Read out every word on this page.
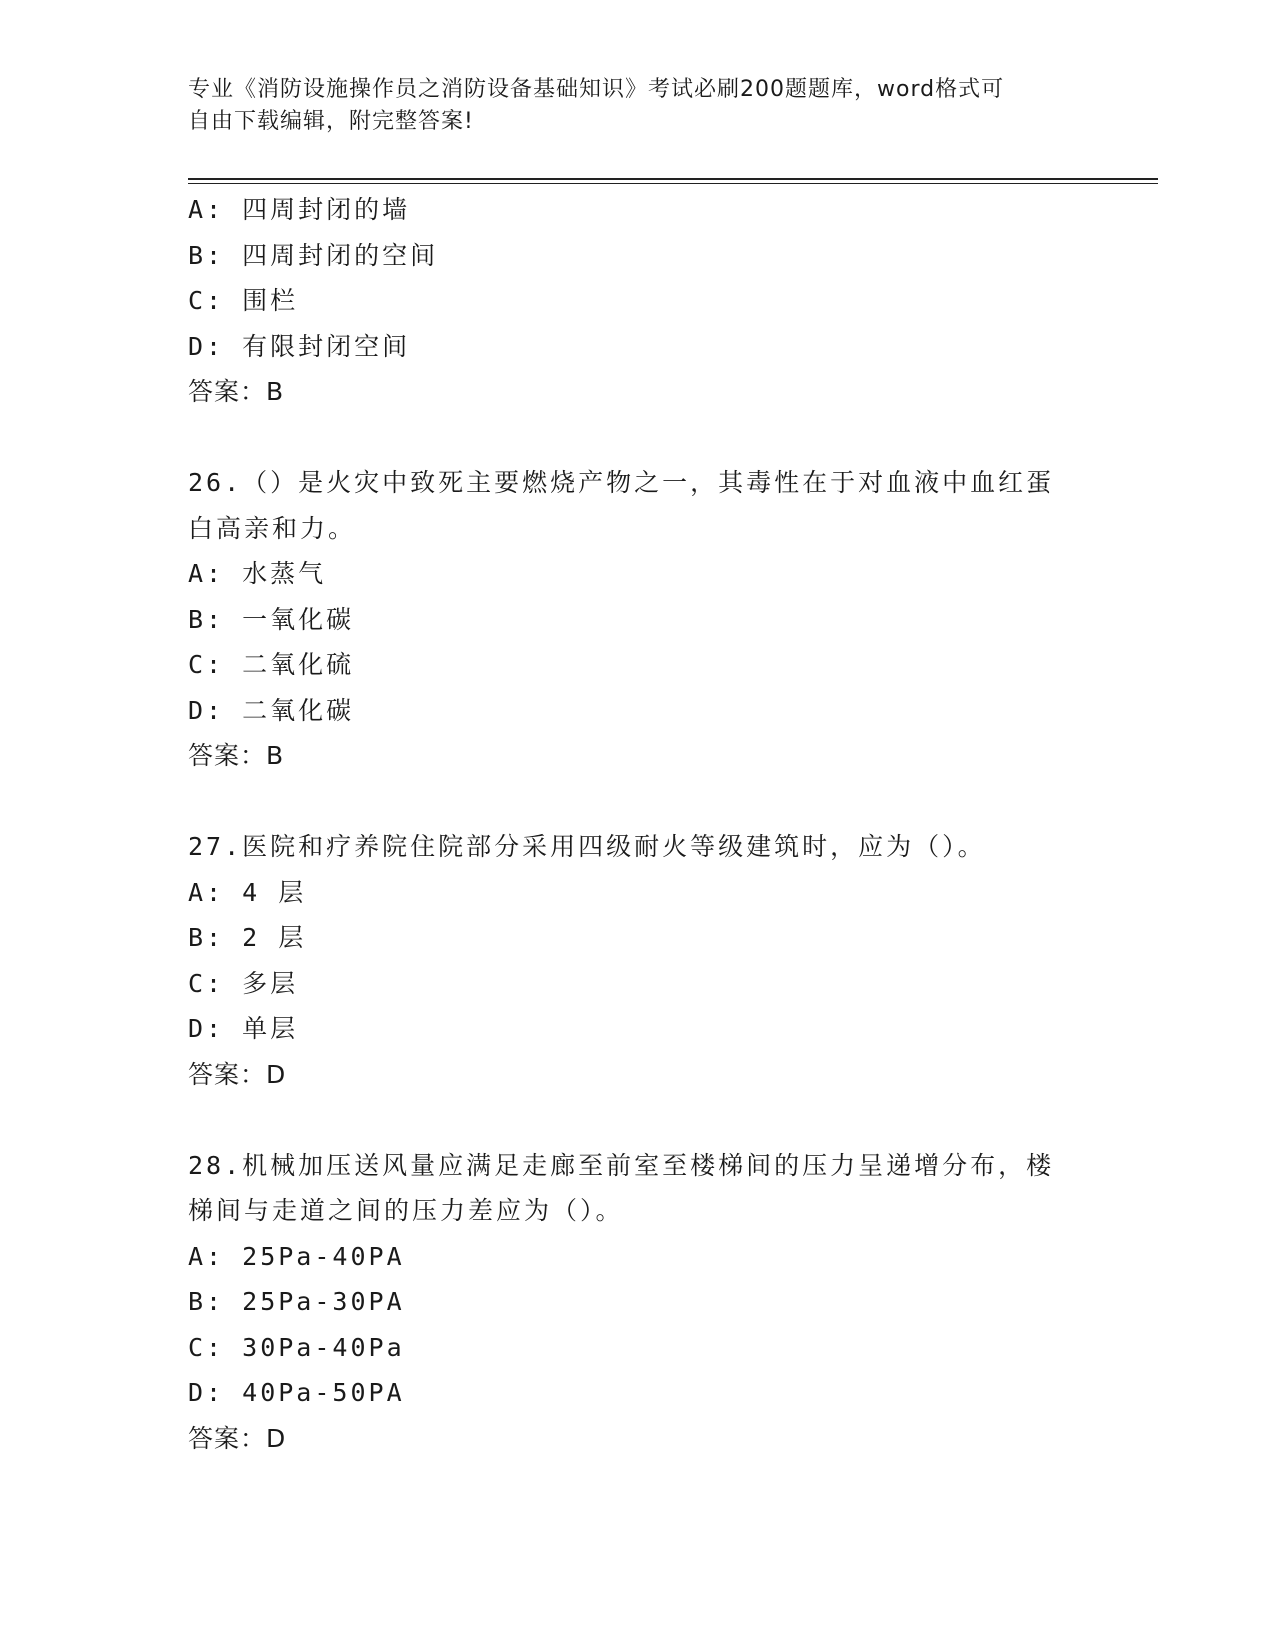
专业《消防设施操作员之消防设备基础知识》考试必刷200题题库，word格式可
自由下载编辑，附完整答案!
A: 四周封闭的墙
B: 四周封闭的空间
C: 围栏
D: 有限封闭空间
答案：B
26.（）是火灾中致死主要燃烧产物之一，其毒性在于对血液中血红蛋
白高亲和力。
A: 水蒸气
B: 一氧化碳
C: 二氧化硫
D: 二氧化碳
答案：B
27.医院和疗养院住院部分采用四级耐火等级建筑时，应为（）。
A: 4 层
B: 2 层
C: 多层
D: 单层
答案：D
28.机械加压送风量应满足走廊至前室至楼梯间的压力呈递增分布，楼
梯间与走道之间的压力差应为（）。
A: 25Pa-40PA
B: 25Pa-30PA
C: 30Pa-40Pa
D: 40Pa-50PA
答案：D
